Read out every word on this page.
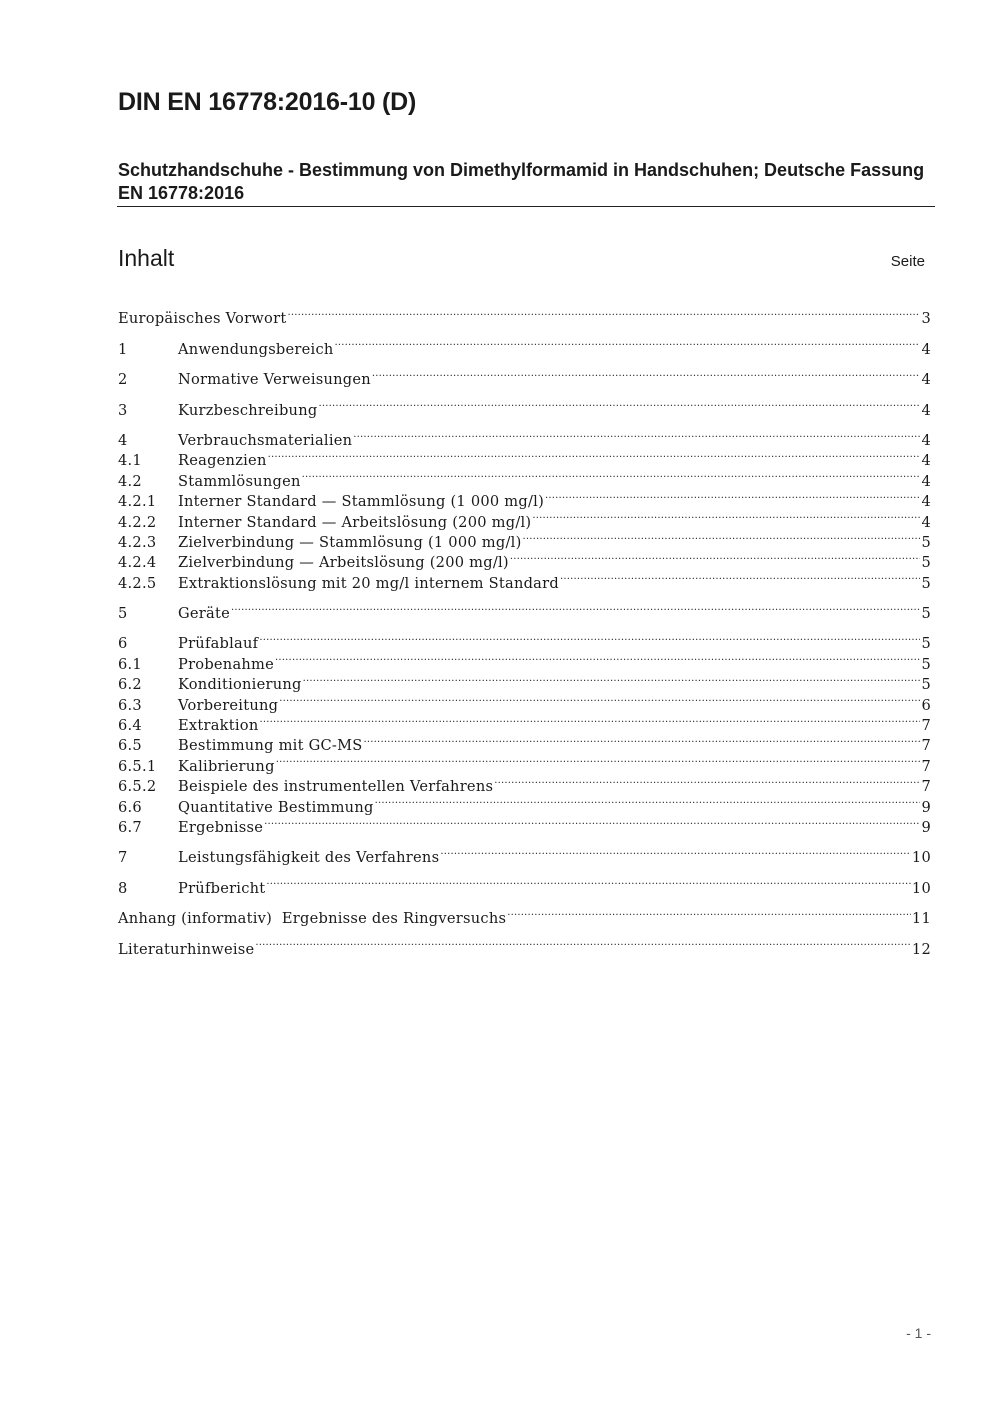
DIN EN 16778:2016-10 (D)
Schutzhandschuhe - Bestimmung von Dimethylformamid in Handschuhen; Deutsche Fassung EN 16778:2016
Inhalt	Seite
Europäisches Vorwort .....	3
1	Anwendungsbereich .....	4
2	Normative Verweisungen .....	4
3	Kurzbeschreibung .....	4
4	Verbrauchsmaterialien .....	4
4.1	Reagenzien .....	4
4.2	Stammlösungen .....	4
4.2.1	Interner Standard — Stammlösung (1 000 mg/l) .....	4
4.2.2	Interner Standard — Arbeitslösung (200 mg/l) .....	4
4.2.3	Zielverbindung — Stammlösung (1 000 mg/l) .....	5
4.2.4	Zielverbindung — Arbeitslösung (200 mg/l) .....	5
4.2.5	Extraktionslösung mit 20 mg/l internem Standard .....	5
5	Geräte .....	5
6	Prüfablauf .....	5
6.1	Probenahme .....	5
6.2	Konditionierung .....	5
6.3	Vorbereitung .....	6
6.4	Extraktion .....	7
6.5	Bestimmung mit GC-MS .....	7
6.5.1	Kalibrierung .....	7
6.5.2	Beispiele des instrumentellen Verfahrens .....	7
6.6	Quantitative Bestimmung .....	9
6.7	Ergebnisse .....	9
7	Leistungsfähigkeit des Verfahrens .....	10
8	Prüfbericht .....	10
Anhang (informativ)  Ergebnisse des Ringversuchs .....	11
Literaturhinweise .....	12
- 1 -
